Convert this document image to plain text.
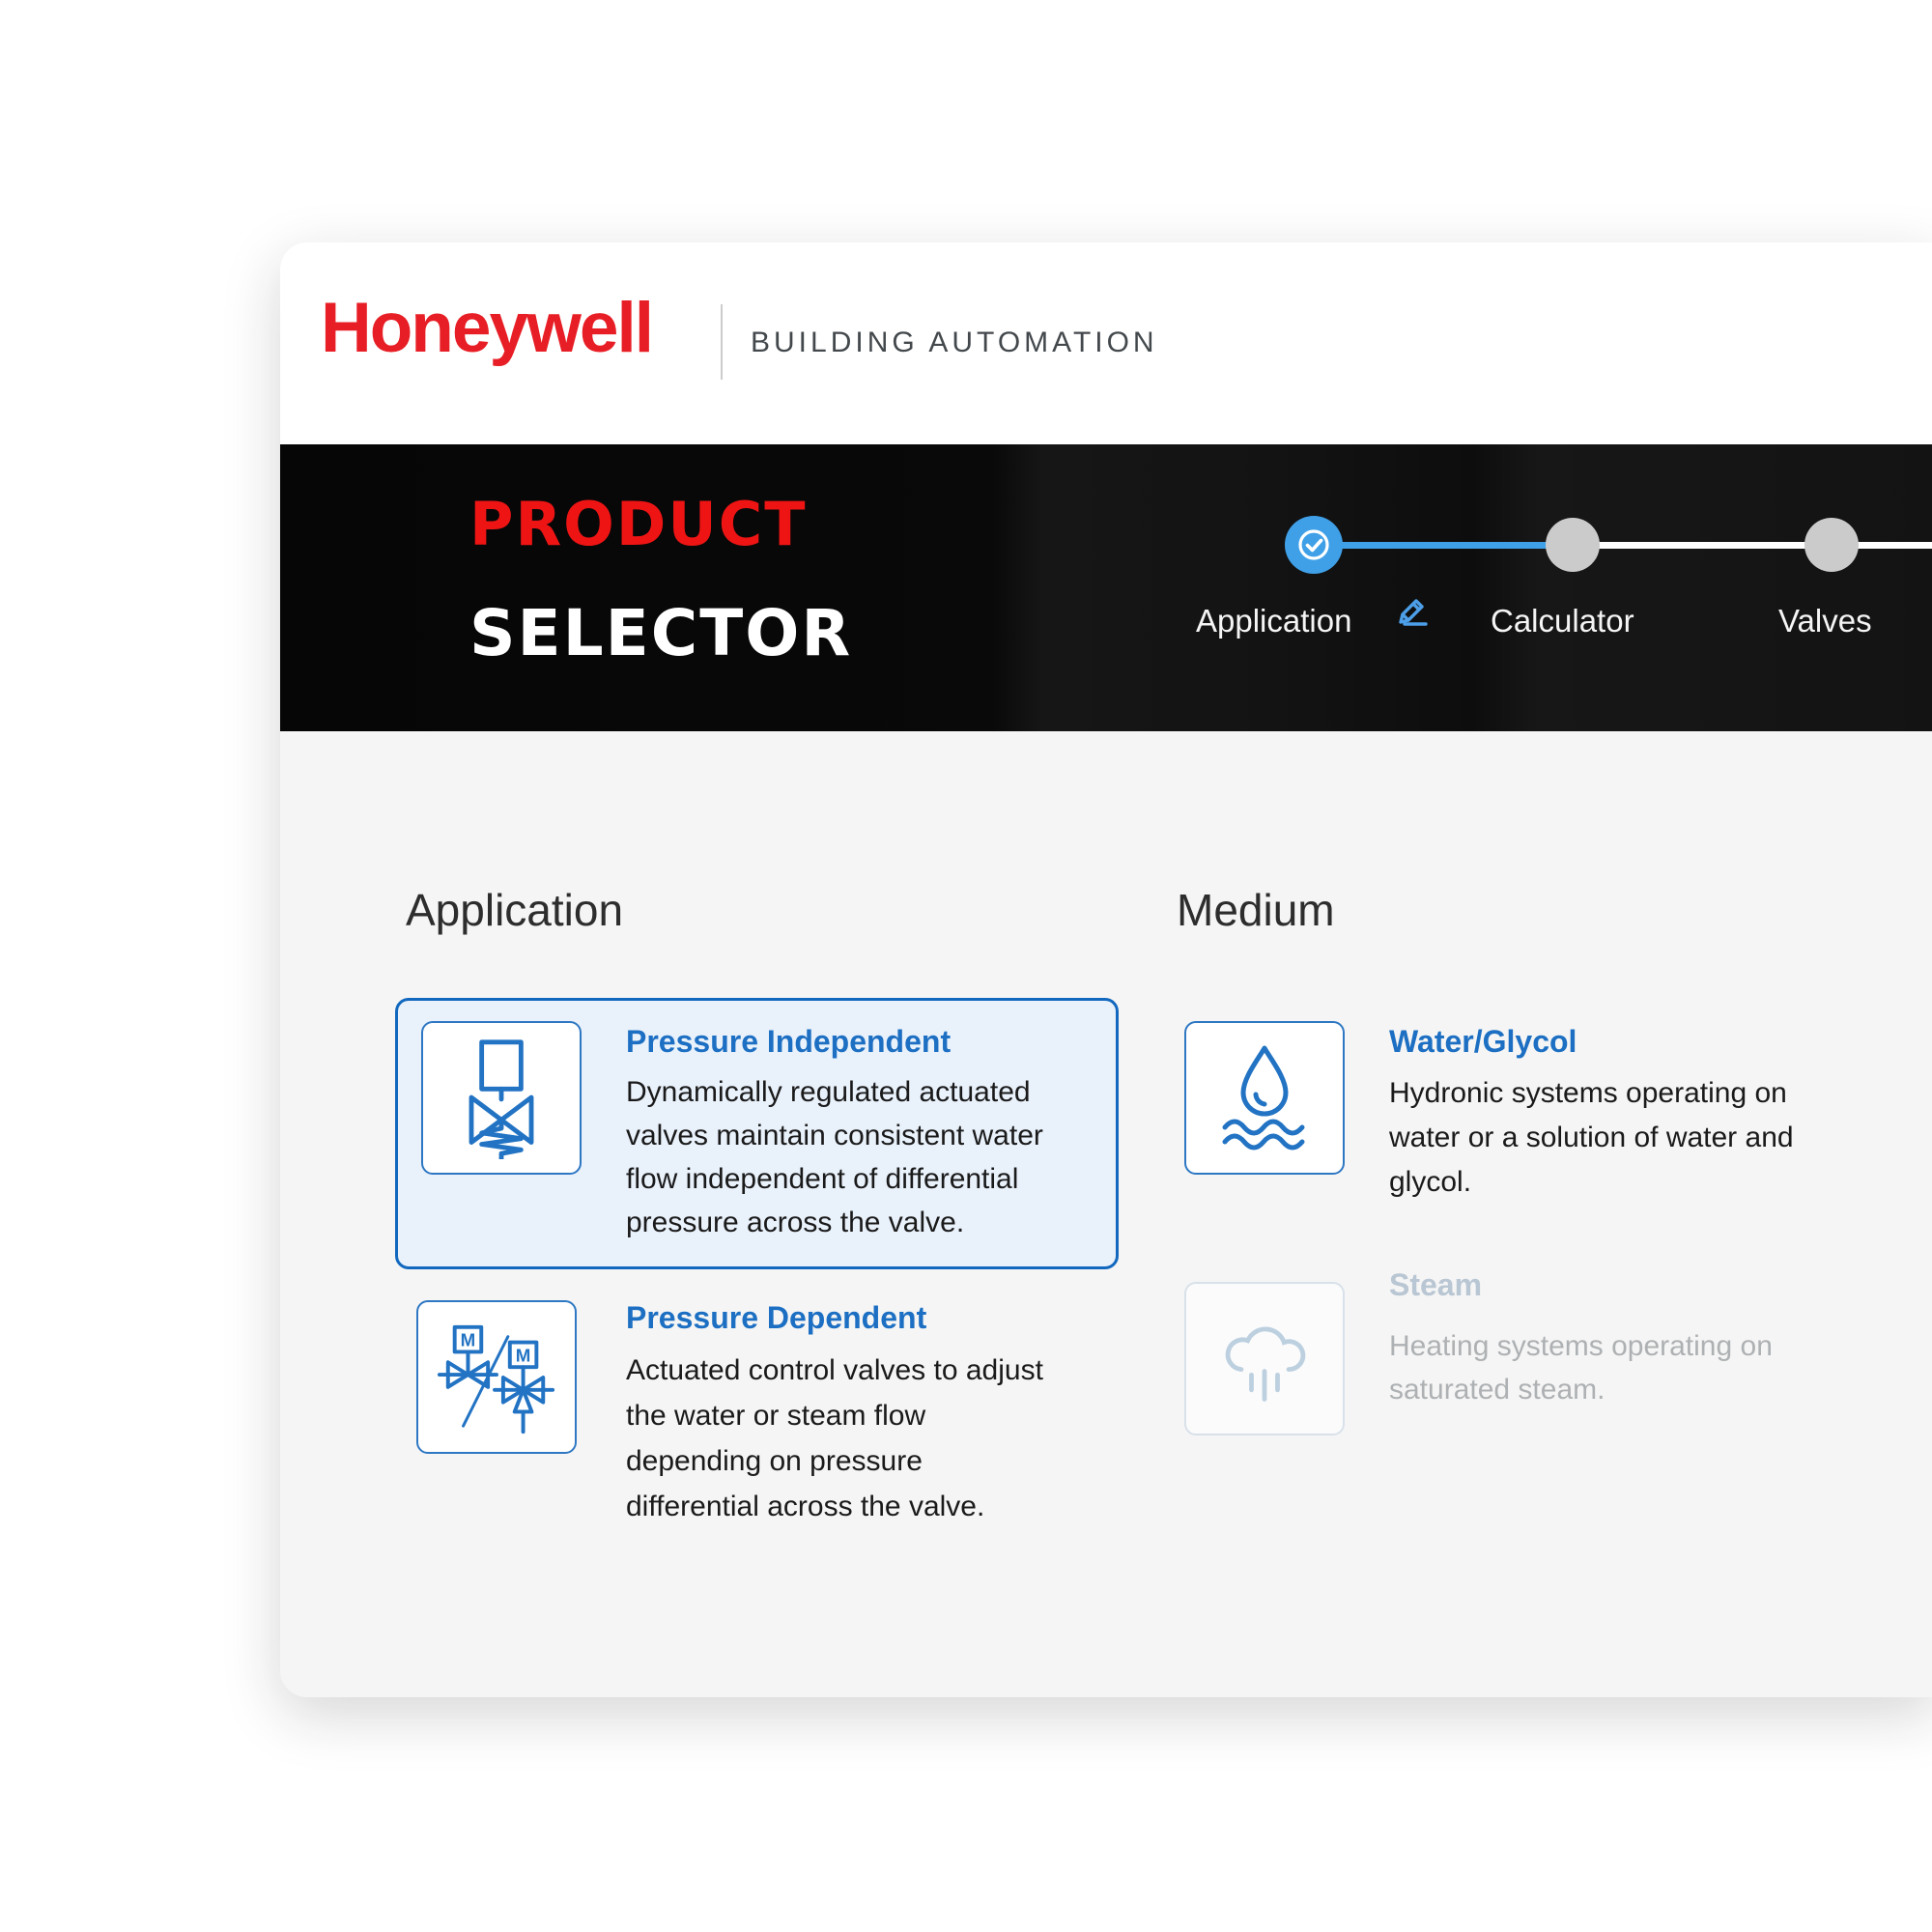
Honeywell	BUILDING AUTOMATION
PRODUCT
SELECTOR	Application	Calculator	Valves
Application	Medium
Pressure Independent
Dynamically regulated actuated
valves maintain consistent water
flow independent of differential
pressure across the valve.
M
M
Pressure Dependent
Actuated control valves to adjust
the water or steam flow
depending on pressure
differential across the valve.
Water/Glycol
Hydronic systems operating on
water or a solution of water and
glycol.
Steam
Heating systems operating on
saturated steam.
